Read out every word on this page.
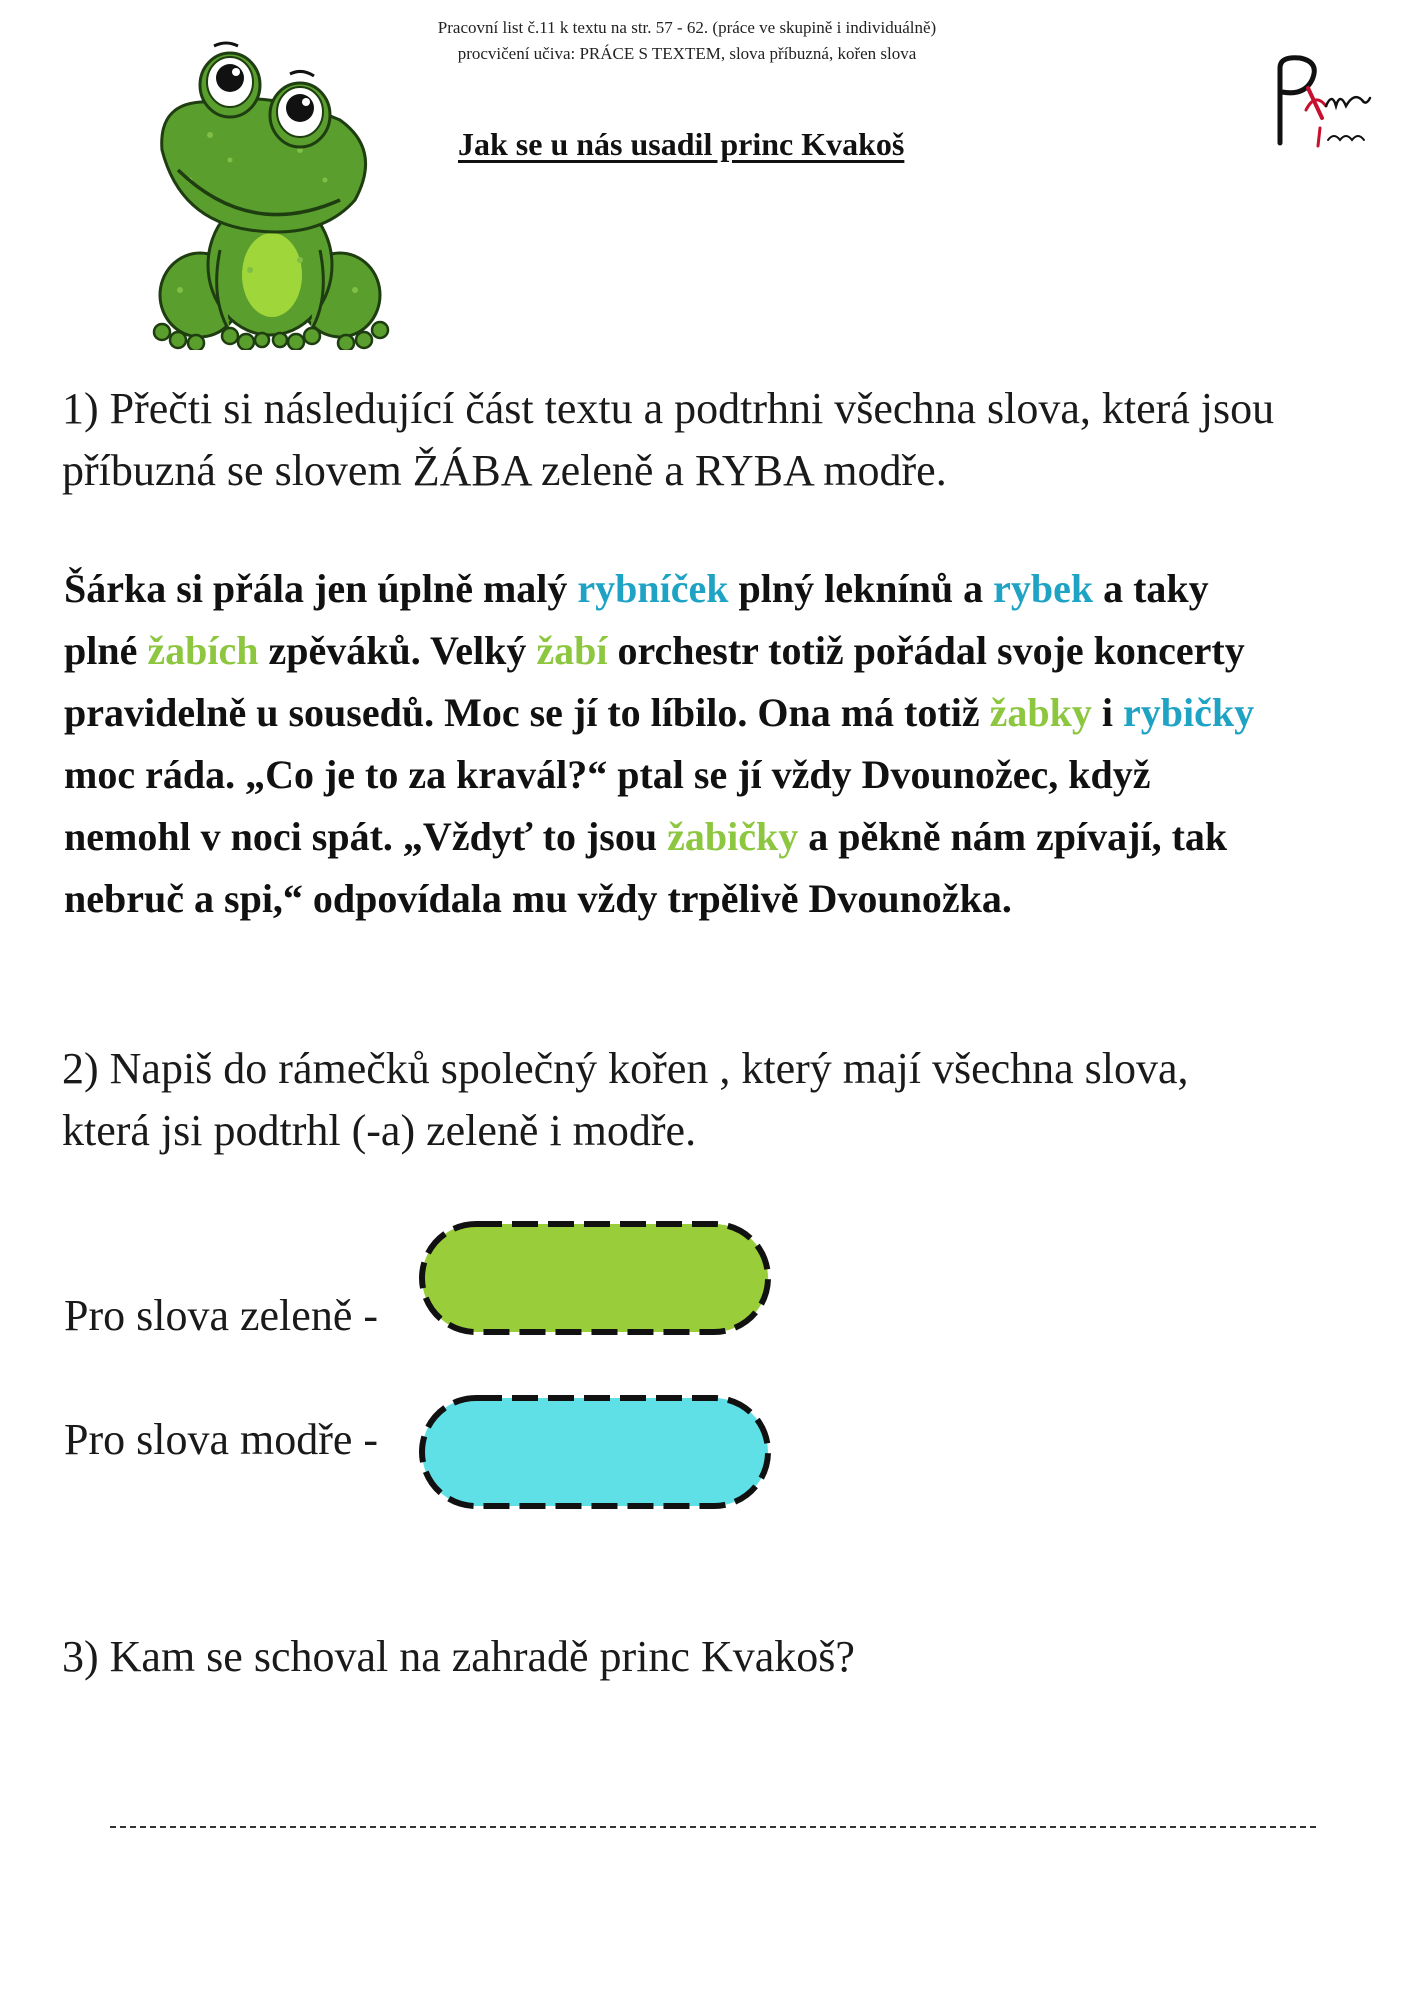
Pracovní list č.11 k textu na str. 57 - 62. (práce ve skupině i individuálně)
procvičení učiva: PRÁCE S TEXTEM, slova příbuzná, kořen slova
Jak se u nás usadil princ Kvakoš
1) Přečti si následující část textu a podtrhni všechna slova, která jsou
příbuzná se slovem ŽÁBA zeleně a RYBA modře.
Šárka si přála jen úplně malý rybníček plný leknínů a rybek a taky
plné žabích zpěváků. Velký žabí orchestr totiž pořádal svoje koncerty
pravidelně u sousedů. Moc se jí to líbilo. Ona má totiž žabky i rybičky
moc ráda. „Co je to za kravál?“ ptal se jí vždy Dvounožec, když
nemohl v noci spát. „Vždyť to jsou žabičky a pěkně nám zpívají, tak
nebruč a spi,“ odpovídala mu vždy trpělivě Dvounožka.
2) Napiš do rámečků společný kořen , který mají všechna slova,
která jsi podtrhl (-a) zeleně i modře.
Pro slova zeleně -
Pro slova modře -
3) Kam se schoval na zahradě princ Kvakoš?
